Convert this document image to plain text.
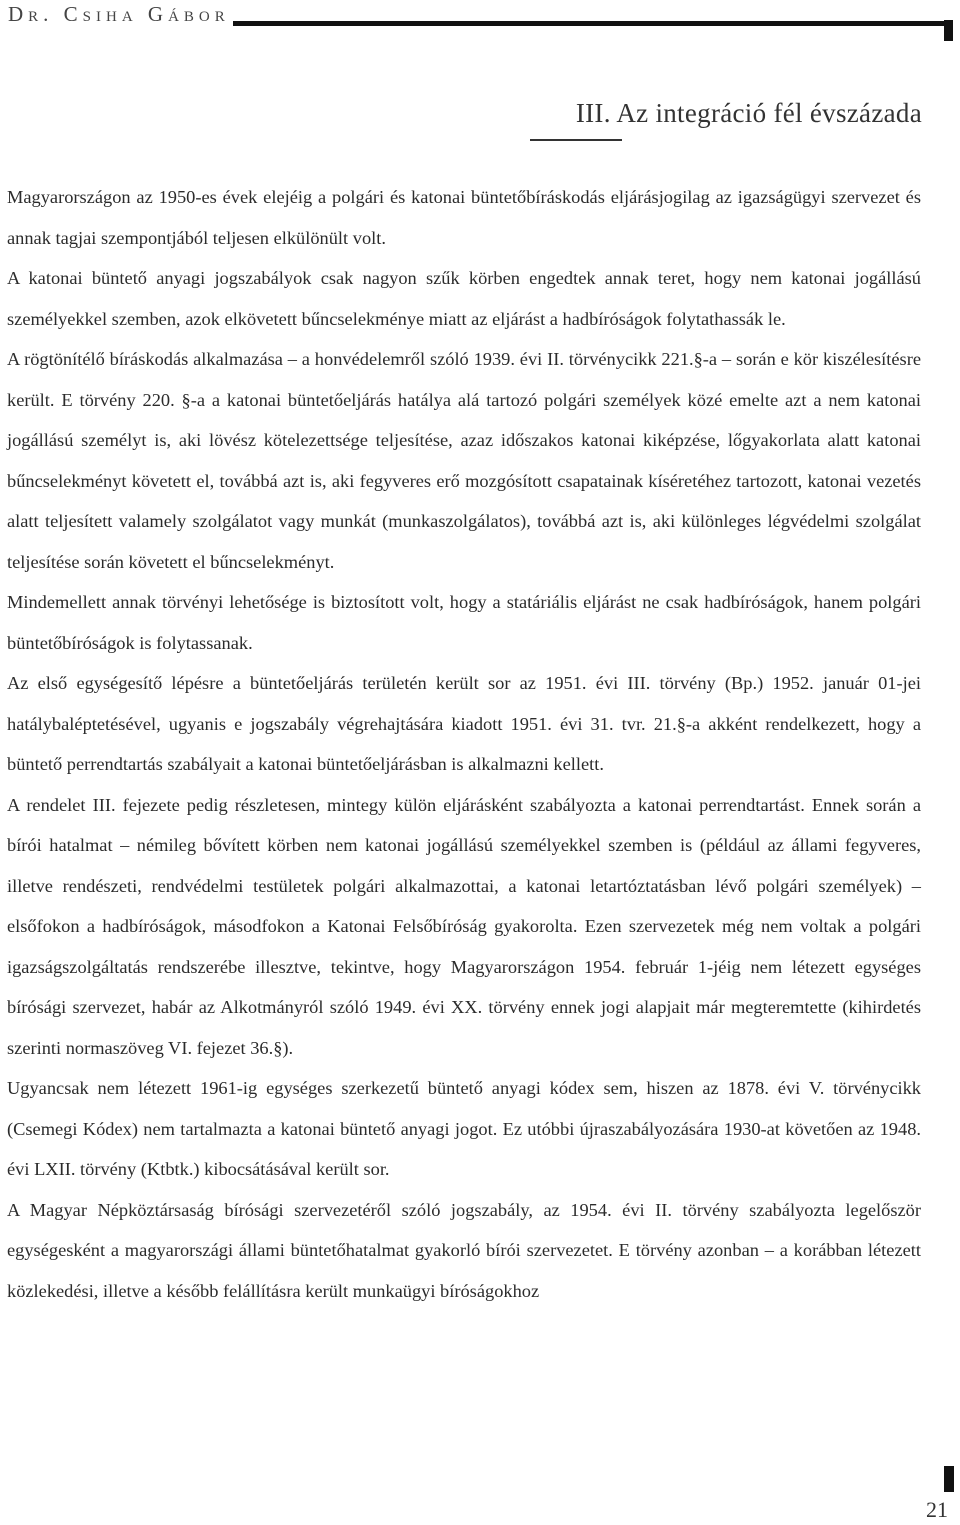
Dr. Csiha Gábor
III. Az integráció fél évszázada

Magyarországon az 1950-es évek elejéig a polgári és katonai büntetőbíráskodás eljárásjogilag az igazságügyi szervezet és annak tagjai szempontjából teljesen elkülönült volt.

A katonai büntető anyagi jogszabályok csak nagyon szűk körben engedtek annak teret, hogy nem katonai jogállású személyekkel szemben, azok elkövetett bűncselekménye miatt az eljárást a hadbíróságok folytathassák le.

A rögtönítélő bíráskodás alkalmazása – a honvédelemről szóló 1939. évi II. törvénycikk 221.§-a – során e kör kiszélesítésre került. E törvény 220. §-a a katonai büntetőeljárás hatálya alá tartozó polgári személyek közé emelte azt a nem katonai jogállású személyt is, aki lövész kötelezettsége teljesítése, azaz időszakos katonai kiképzése, lőgyakorlata alatt katonai bűncselekményt követett el, továbbá azt is, aki fegyveres erő mozgósított csapatainak kíséretéhez tartozott, katonai vezetés alatt teljesített valamely szolgálatot vagy munkát (munkaszolgálatos), továbbá azt is, aki különleges légvédelmi szolgálat teljesítése során követett el bűncselekményt.

Mindemellett annak törvényi lehetősége is biztosított volt, hogy a statáriális eljárást ne csak hadbíróságok, hanem polgári büntetőbíróságok is folytassanak.

Az első egységesítő lépésre a büntetőeljárás területén került sor az 1951. évi III. törvény (Bp.) 1952. január 01-jei hatálybaléptetésével, ugyanis e jogszabály végrehajtására kiadott 1951. évi 31. tvr. 21.§-a akként rendelkezett, hogy a büntető perrendtartás szabályait a katonai büntetőeljárásban is alkalmazni kellett.

A rendelet III. fejezete pedig részletesen, mintegy külön eljárásként szabályozta a katonai perrendtartást. Ennek során a bírói hatalmat – némileg bővített körben nem katonai jogállású személyekkel szemben is (például az állami fegyveres, illetve rendészeti, rendvédelmi testületek polgári alkalmazottai, a katonai letartóztatásban lévő polgári személyek) – elsőfokon a hadbíróságok, másodfokon a Katonai Felsőbíróság gyakorolta. Ezen szervezetek még nem voltak a polgári igazságszolgáltatás rendszerébe illesztve, tekintve, hogy Magyarországon 1954. február 1-jéig nem létezett egységes bírósági szervezet, habár az Alkotmányról szóló 1949. évi XX. törvény ennek jogi alapjait már megteremtette (kihirdetés szerinti normaszöveg VI. fejezet 36.§).

Ugyancsak nem létezett 1961-ig egységes szerkezetű büntető anyagi kódex sem, hiszen az 1878. évi V. törvénycikk (Csemegi Kódex) nem tartalmazta a katonai büntető anyagi jogot. Ez utóbbi újraszabályozására 1930-at követően az 1948. évi LXII. törvény (Ktbtk.) kibocsátásával került sor.

A Magyar Népköztársaság bírósági szervezetéről szóló jogszabály, az 1954. évi II. törvény szabályozta legelőször egységesként a magyarországi állami büntetőhatalmat gyakorló bírói szervezetet. E törvény azonban – a korábban létezett közlekedési, illetve a később felállításra került munkaügyi bíróságokhoz

21
